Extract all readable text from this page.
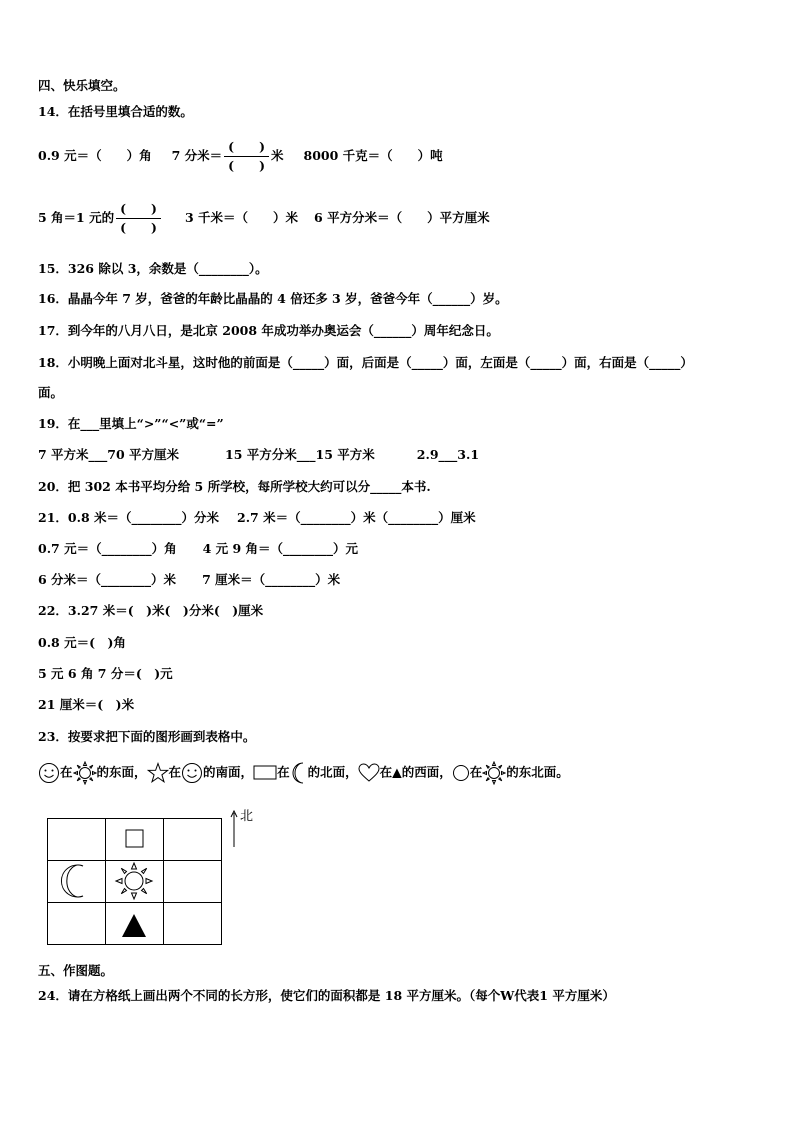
四、快乐填空。
14．在括号里填合适的数。
0.9 元＝（　　）角 7 分米＝ $\frac{( )}{( )}$ 米 8000 千克＝（　　）吨
5 角＝1 元的 $\frac{( )}{( )} 3$ 千米＝（　　）米 6 平方分米＝（　　）平方厘米
15．326 除以 3，余数是（________）。
16．晶晶今年 7 岁，爸爸的年龄比晶晶的 4 倍还多 3 岁，爸爸今年（______）岁。
17．到今年的八月八日，是北京 2008 年成功举办奥运会（______）周年纪念日。
18．小明晚上面对北斗星，这时他的前面是（_____）面，后面是（_____）面，左面是（_____）面，右面是（_____）
面。
19．在___里填上“>”“<”或“=”
7 平方米___70 平方厘米	15 平方分米___15 平方米	2.9___3.1
20．把 302 本书平均分给 5 所学校，每所学校大约可以分_____本书.
21．0.8 米＝（________）分米 2.7 米＝（________）米（________）厘米
0.7 元＝（________）角 4 元 9 角＝（________）元
6 分米＝（________）米 7 厘米＝（________）米
22．3.27 米＝(　)米(　)分米(　)厘米
0.8 元＝(　)角
5 元 6 角 7 分＝(　)元
21 厘米＝(　)米
23．按要求把下面的图形画到表格中。
在 的东面， 在 的南面， 在 的北面， 在▲的西面， 在 的东北面。
北
五、作图题。
24．请在方格纸上画出两个不同的长方形，使它们的面积都是 18 平方厘米。（每个W代表1 平方厘米）
